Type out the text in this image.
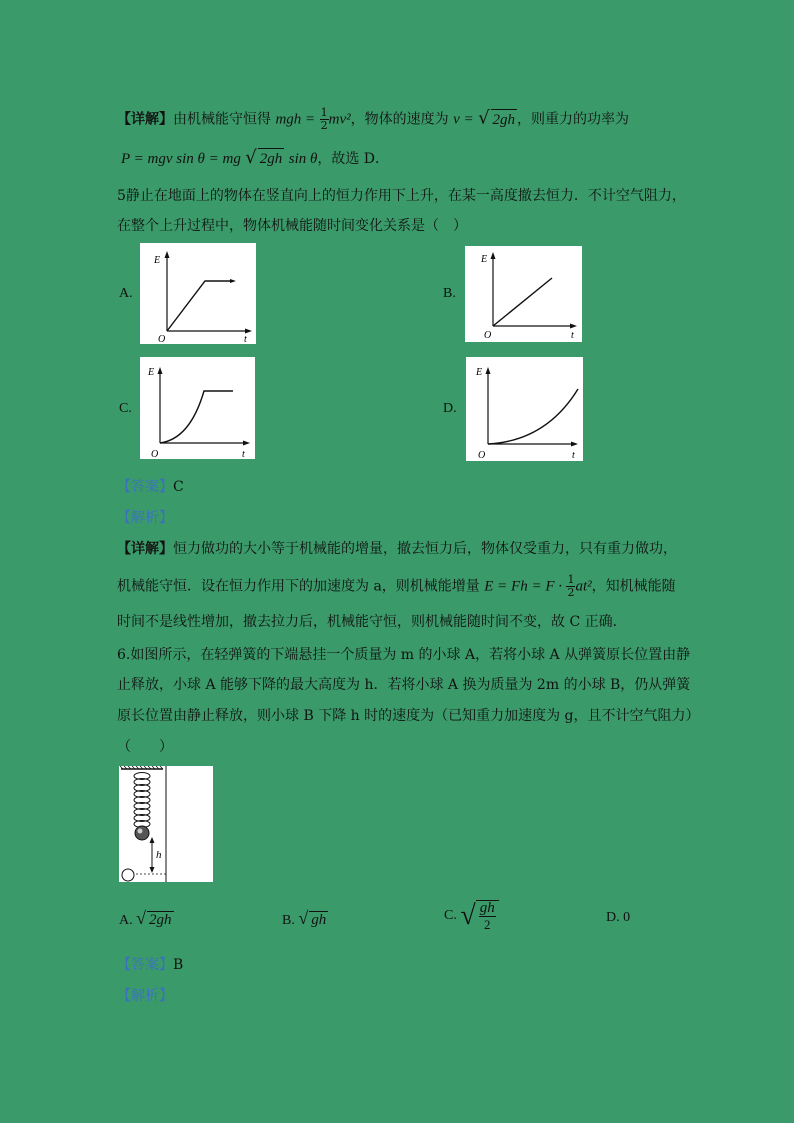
【详解】由机械能守恒得 mgh = $\frac{1}{2} mv^2$，物体的速度为 v = √ 2gh ，则重力的功率为
P = mgv sin θ = mg √ 2gh sin θ，故选 D．
5静止在地面上的物体在竖直向上的恒力作用下上升，在某一高度撤去恒力．不计空气阻力，
在整个上升过程中，物体机械能随时间变化关系是（　）
A.
E
t
O
B.
E
t
O
C.
E
t
O
D.
E
t
O
【答案】C
【解析】
【详解】恒力做功的大小等于机械能的增量，撤去恒力后，物体仅受重力，只有重力做功，
机械能守恒．设在恒力作用下的加速度为 a，则机械能增量 $E = Fh = F \cdot \frac{1}{2} at^2$，知机械能随
时间不是线性增加，撤去拉力后，机械能守恒，则机械能随时间不变，故 C 正确．
6.如图所示，在轻弹簧的下端悬挂一个质量为 m 的小球 A，若将小球 A 从弹簧原长位置由静
止释放，小球 A 能够下降的最大高度为 h．若将小球 A 换为质量为 2m 的小球 B，仍从弹簧
原长位置由静止释放，则小球 B 下降 h 时的速度为（已知重力加速度为 g，且不计空气阻力）
（　　）
h
A. √ 2gh	B. √ gh	C. √ $\frac{gh}{2}$	D. 0
【答案】B
【解析】
